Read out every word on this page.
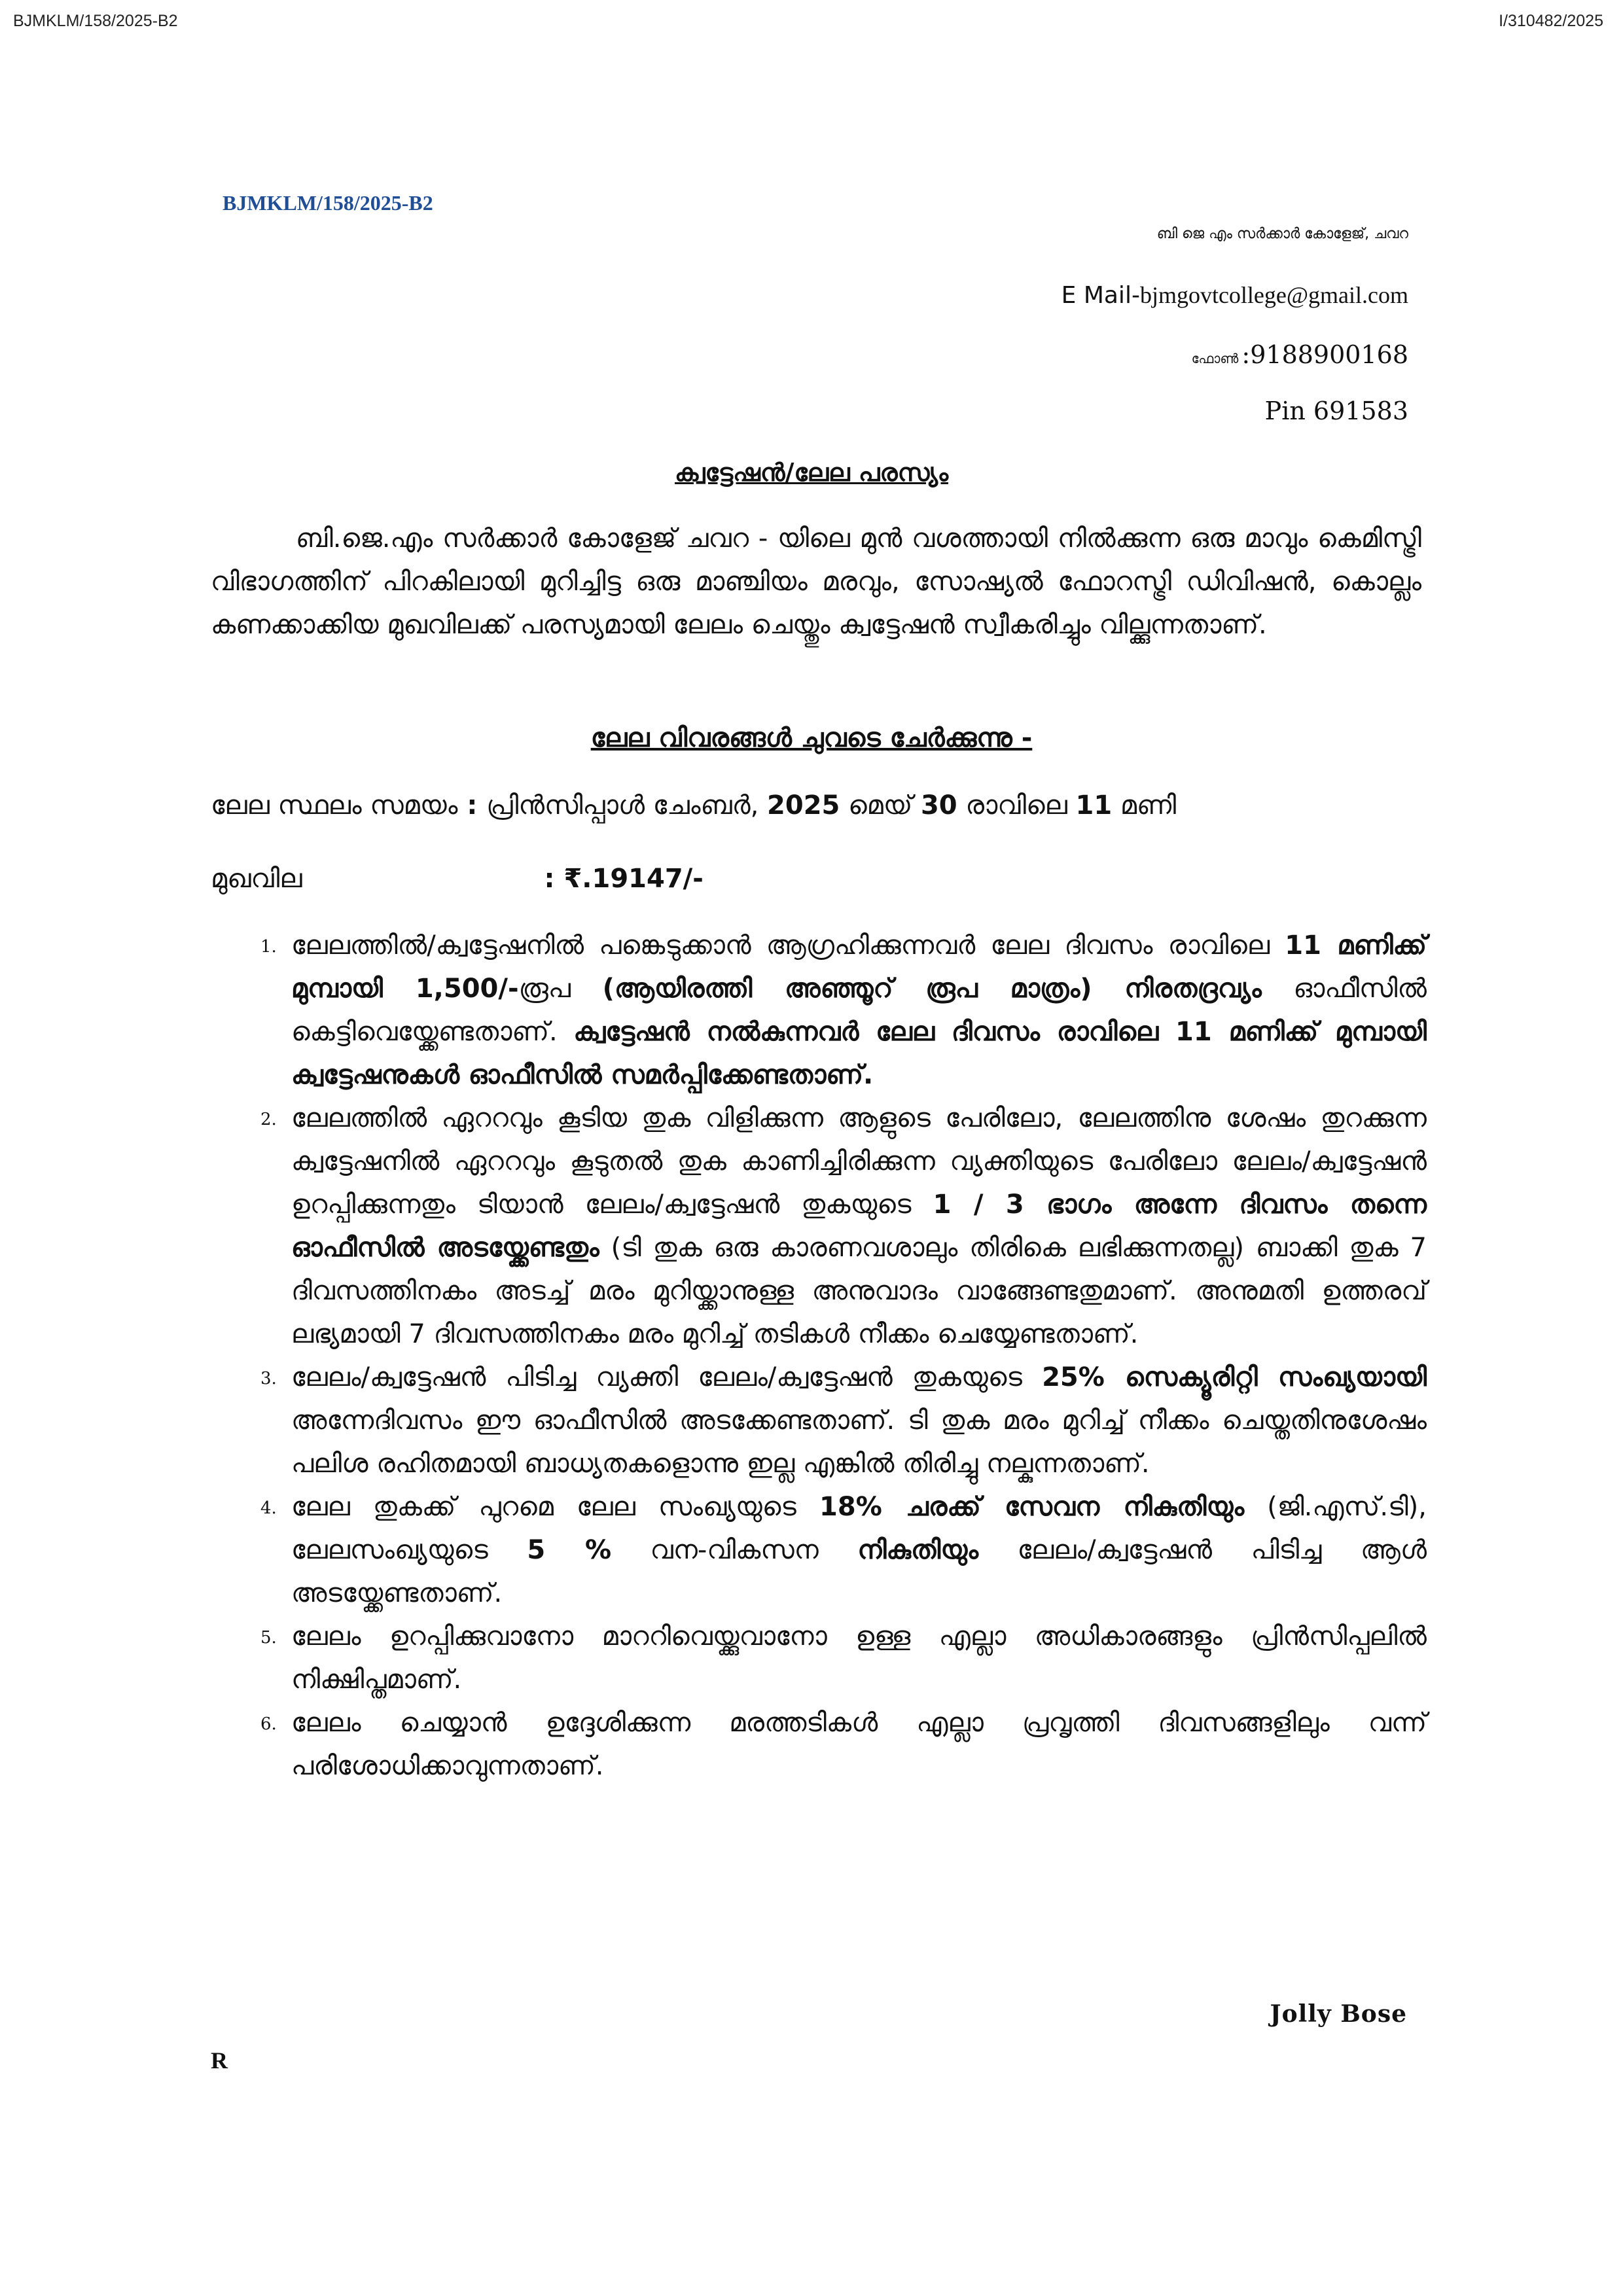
BJMKLM/158/2025-B2	I/310482/2025
BJMKLM/158/2025-B2
ബി ജെ എം സർക്കാർ കോളേജ്, ചവറ
E Mail-bjmgovtcollege@gmail.com
ഫോൺ :9188900168
Pin 691583
ക്വട്ടേഷൻ/ലേല പരസ്യം
ബി.ജെ.എം സർക്കാർ കോളേജ് ചവറ - യിലെ മുൻ വശത്തായി നിൽക്കുന്ന ഒരു മാവും കെമിസ്ട്രി വിഭാഗത്തിന് പിറകിലായി മുറിച്ചിട്ട ഒരു മാഞ്ചിയം മരവും, സോഷ്യൽ ഫോറസ്ട്രി ഡിവിഷൻ, കൊല്ലം കണക്കാക്കിയ മുഖവിലക്ക് പരസ്യമായി ലേലം ചെയ്തും ക്വട്ടേഷൻ സ്വീകരിച്ചും വില്ക്കുന്നതാണ്.
ലേല വിവരങ്ങൾ ചുവടെ ചേർക്കുന്നു -
ലേല സ്ഥലം സമയം : പ്രിൻസിപ്പാൾ ചേംബർ, 2025 മെയ് 30 രാവിലെ 11 മണി
മുഖവില	: ₹.19147/-
1. ലേലത്തിൽ/ക്വട്ടേഷനിൽ പങ്കെടുക്കാൻ ആഗ്രഹിക്കുന്നവർ ലേല ദിവസം രാവിലെ 11 മണിക്ക് മുമ്പായി 1,500/-രൂപ (ആയിരത്തി അഞ്ഞൂറ് രൂപ മാത്രം) നിരതദ്രവ്യം ഓഫീസിൽ കെട്ടിവെയ്ക്കേണ്ടതാണ്. ക്വട്ടേഷൻ നൽകുന്നവർ ലേല ദിവസം രാവിലെ 11 മണിക്ക് മുമ്പായി ക്വട്ടേഷനുകൾ ഓഫീസിൽ സമർപ്പിക്കേണ്ടതാണ്.
2. ലേലത്തിൽ ഏററവും കൂടിയ തുക വിളിക്കുന്ന ആളുടെ പേരിലോ, ലേലത്തിനു ശേഷം തുറക്കുന്ന ക്വട്ടേഷനിൽ ഏററവും കൂടുതൽ തുക കാണിച്ചിരിക്കുന്ന വ്യക്തിയുടെ പേരിലോ ലേലം/ക്വട്ടേഷൻ ഉറപ്പിക്കുന്നതും ടിയാൻ ലേലം/ക്വട്ടേഷൻ തുകയുടെ 1 / 3 ഭാഗം അന്നേ ദിവസം തന്നെ ഓഫീസിൽ അടയ്ക്കേണ്ടതും (ടി തുക ഒരു കാരണവശാലും തിരികെ ലഭിക്കുന്നതല്ല) ബാക്കി തുക 7 ദിവസത്തിനകം അടച്ച് മരം മുറിയ്ക്കാനുള്ള അനുവാദം വാങ്ങേണ്ടതുമാണ്. അനുമതി ഉത്തരവ് ലഭ്യമായി 7 ദിവസത്തിനകം മരം മുറിച്ച് തടികൾ നീക്കം ചെയ്യേണ്ടതാണ്.
3. ലേലം/ക്വട്ടേഷൻ പിടിച്ച വ്യക്തി ലേലം/ക്വട്ടേഷൻ തുകയുടെ 25% സെക്യൂരിറ്റി സംഖ്യയായി അന്നേദിവസം ഈ ഓഫീസിൽ അടക്കേണ്ടതാണ്. ടി തുക മരം മുറിച്ച് നീക്കം ചെയ്തതിനുശേഷം പലിശ രഹിതമായി ബാധ്യതകളൊന്നു ഇല്ല എങ്കിൽ തിരിച്ചു നല്കുന്നതാണ്.
4. ലേല തുകക്ക് പുറമെ ലേല സംഖ്യയുടെ 18% ചരക്ക് സേവന നികുതിയും (ജി.എസ്.ടി), ലേലസംഖ്യയുടെ 5 % വന-വികസന നികുതിയും ലേലം/ക്വട്ടേഷൻ പിടിച്ച ആൾ അടയ്ക്കേണ്ടതാണ്.
5. ലേലം ഉറപ്പിക്കുവാനോ മാററിവെയ്ക്കുവാനോ ഉള്ള എല്ലാ അധികാരങ്ങളും പ്രിൻസിപ്പലിൽ നിക്ഷിപ്തമാണ്.
6. ലേലം ചെയ്യാൻ ഉദ്ദേശിക്കുന്ന മരത്തടികൾ എല്ലാ പ്രവൃത്തി ദിവസങ്ങളിലും വന്ന് പരിശോധിക്കാവുന്നതാണ്.
Jolly Bose
R
